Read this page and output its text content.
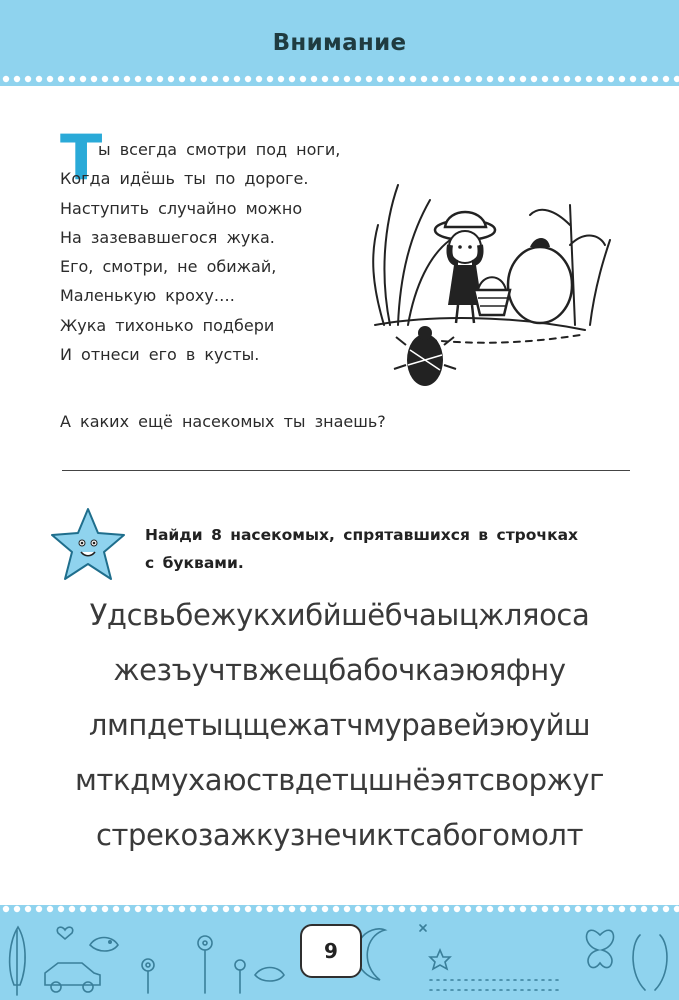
Внимание
Т
ы всегда смотри под ноги,
Когда идёшь ты по дороге.
Наступить случайно можно
На зазевавшегося жука.
Его, смотри, не обижай,
Маленькую кроху….
Жука тихонько подбери
И отнеси его в кусты.
А каких ещё насекомых ты знаешь?
Найди 8 насекомых, спрятавшихся в строчках
с буквами.
Удсвьбежукхибйшёбчаыцжляоса
жезъучтвжещбабочкаэюяфну
лмпдетыцщежатчмуравейэюуйш
мткдмухаюствдетцшнёэятсворжуг
стрекозажкузнечиктсабогомолт
9
